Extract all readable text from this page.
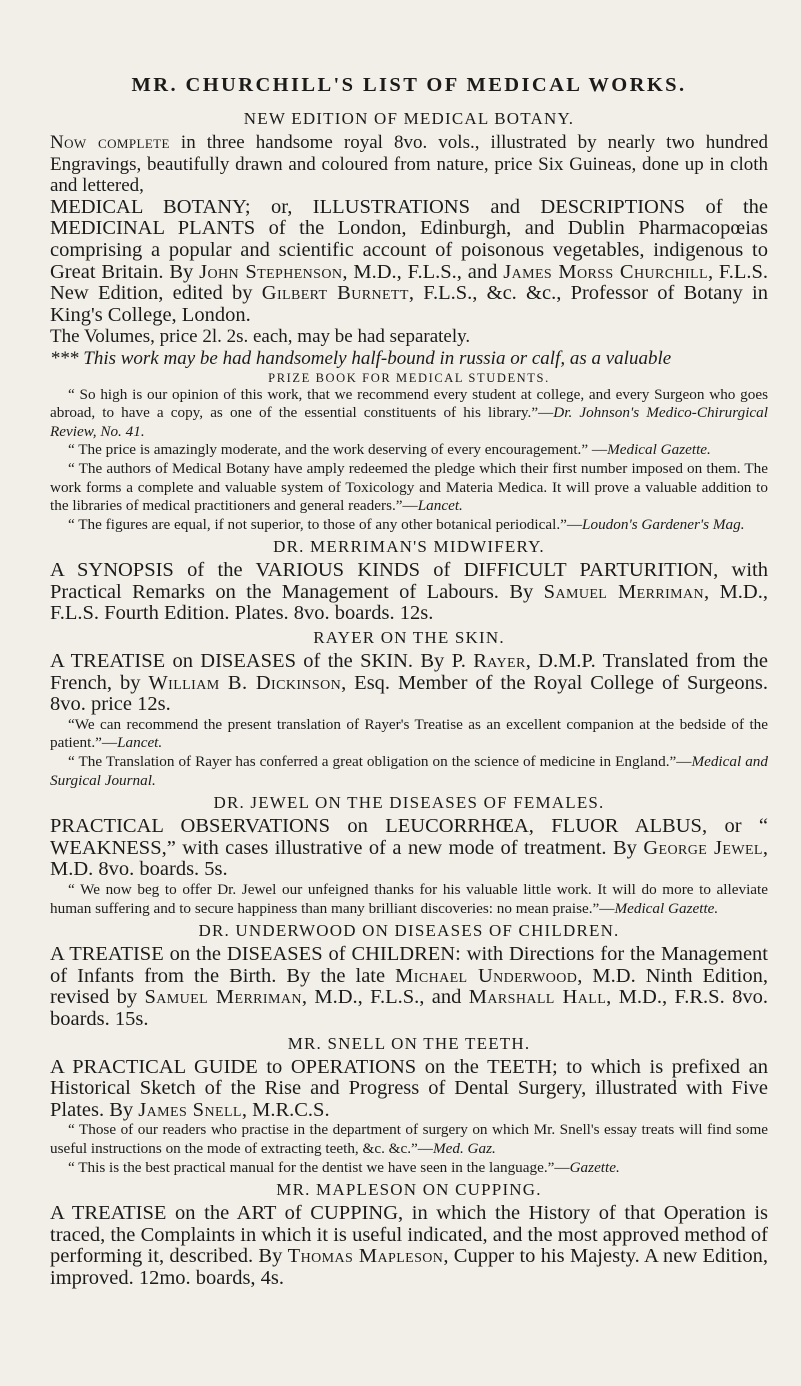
MR. CHURCHILL'S LIST OF MEDICAL WORKS.
NEW EDITION OF MEDICAL BOTANY.

Now complete in three handsome royal 8vo. vols., illustrated by nearly two hundred Engravings, beautifully drawn and coloured from nature, price Six Guineas, done up in cloth and lettered,

MEDICAL BOTANY; or, ILLUSTRATIONS and DESCRIPTIONS of the MEDICINAL PLANTS of the London, Edinburgh, and Dublin Pharmacopœias comprising a popular and scientific account of poisonous vegetables, indigenous to Great Britain. By John Stephenson, M.D., F.L.S., and James Morss Churchill, F.L.S. New Edition, edited by Gilbert Burnett, F.L.S., &c. &c., Professor of Botany in King's College, London.

The Volumes, price 2l. 2s. each, may be had separately.

*** This work may be had handsomely half-bound in russia or calf, as a valuable

PRIZE BOOK FOR MEDICAL STUDENTS.

“ So high is our opinion of this work, that we recommend every student at college, and every Surgeon who goes abroad, to have a copy, as one of the essential constituents of his library.”—Dr. Johnson's Medico-Chirurgical Review, No. 41.

“ The price is amazingly moderate, and the work deserving of every encouragement.” —Medical Gazette.

“ The authors of Medical Botany have amply redeemed the pledge which their first number imposed on them. The work forms a complete and valuable system of Toxicology and Materia Medica. It will prove a valuable addition to the libraries of medical practitioners and general readers.”—Lancet.

“ The figures are equal, if not superior, to those of any other botanical periodical.”—Loudon's Gardener's Mag.

DR. MERRIMAN'S MIDWIFERY.

A SYNOPSIS of the VARIOUS KINDS of DIFFICULT PARTURITION, with Practical Remarks on the Management of Labours. By Samuel Merriman, M.D., F.L.S. Fourth Edition. Plates. 8vo. boards. 12s.

RAYER ON THE SKIN.

A TREATISE on DISEASES of the SKIN. By P. Rayer, D.M.P. Translated from the French, by William B. Dickinson, Esq. Member of the Royal College of Surgeons. 8vo. price 12s.

“We can recommend the present translation of Rayer's Treatise as an excellent companion at the bedside of the patient.”—Lancet.

“ The Translation of Rayer has conferred a great obligation on the science of medicine in England.”—Medical and Surgical Journal.

DR. JEWEL ON THE DISEASES OF FEMALES.

PRACTICAL OBSERVATIONS on LEUCORRHŒA, FLUOR ALBUS, or “ WEAKNESS,” with cases illustrative of a new mode of treatment. By George Jewel, M.D. 8vo. boards. 5s.

“ We now beg to offer Dr. Jewel our unfeigned thanks for his valuable little work. It will do more to alleviate human suffering and to secure happiness than many brilliant discoveries: no mean praise.”—Medical Gazette.

DR. UNDERWOOD ON DISEASES OF CHILDREN.

A TREATISE on the DISEASES of CHILDREN: with Directions for the Management of Infants from the Birth. By the late Michael Underwood, M.D. Ninth Edition, revised by Samuel Merriman, M.D., F.L.S., and Marshall Hall, M.D., F.R.S. 8vo. boards. 15s.

MR. SNELL ON THE TEETH.

A PRACTICAL GUIDE to OPERATIONS on the TEETH; to which is prefixed an Historical Sketch of the Rise and Progress of Dental Surgery, illustrated with Five Plates. By James Snell, M.R.C.S.

“ Those of our readers who practise in the department of surgery on which Mr. Snell's essay treats will find some useful instructions on the mode of extracting teeth, &c. &c.”—Med. Gaz.

“ This is the best practical manual for the dentist we have seen in the language.”—Gazette.

MR. MAPLESON ON CUPPING.

A TREATISE on the ART of CUPPING, in which the History of that Operation is traced, the Complaints in which it is useful indicated, and the most approved method of performing it, described. By Thomas Mapleson, Cupper to his Majesty. A new Edition, improved. 12mo. boards, 4s.
